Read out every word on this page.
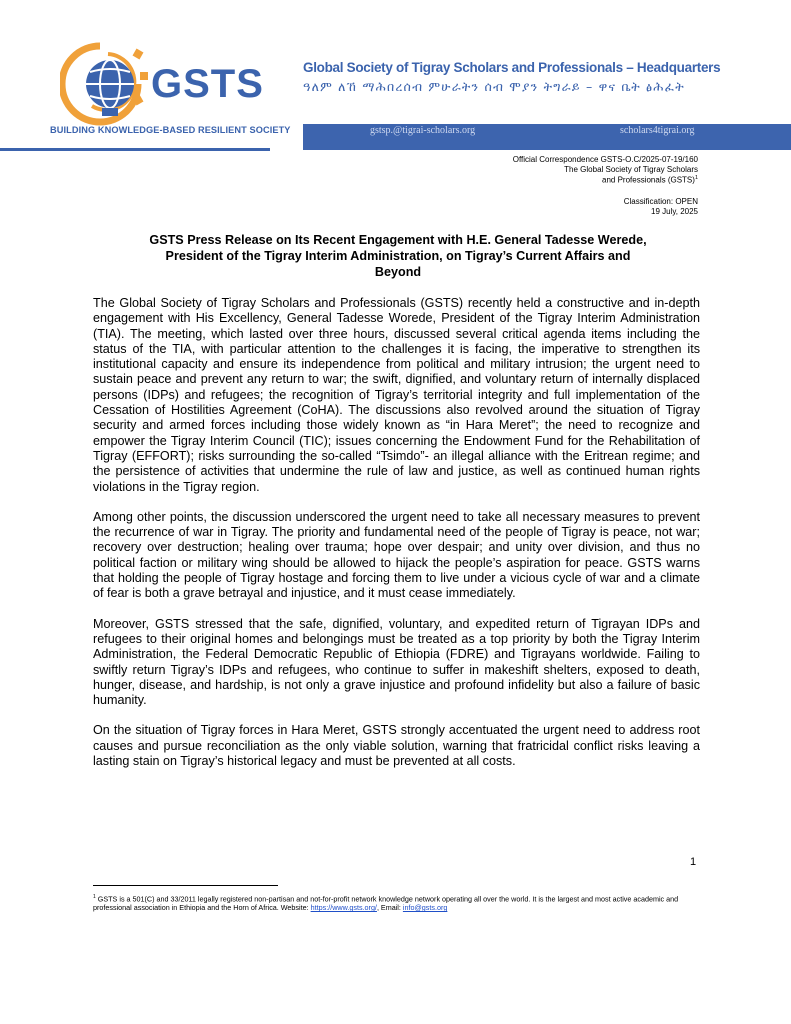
GSTS
BUILDING KNOWLEDGE-BASED RESILIENT SOCIETY
Global Society of Tigray Scholars and Professionals – Headquarters
ዓለም ለኸ ማሕበረሰብ ምሁራትን ሰብ ሞያን ትግራይ – ዋና ቤት ፅሕፈት
gstsp.@tigrai-scholars.org	scholars4tigrai.org
Official Correspondence GSTS-O.C/2025-07-19/160
The Global Society of Tigray Scholars
and Professionals (GSTS)$^1$
Classification: OPEN
19 July, 2025
GSTS Press Release on Its Recent Engagement with H.E. General Tadesse Werede,
President of the Tigray Interim Administration, on Tigray’s Current Affairs and
Beyond

The Global Society of Tigray Scholars and Professionals (GSTS) recently held a constructive and in-depth engagement with His Excellency, General Tadesse Worede, President of the Tigray Interim Administration (TIA). The meeting, which lasted over three hours, discussed several critical agenda items including the status of the TIA, with particular attention to the challenges it is facing, the imperative to strengthen its institutional capacity and ensure its independence from political and military intrusion; the urgent need to sustain peace and prevent any return to war; the swift, dignified, and voluntary return of internally displaced persons (IDPs) and refugees; the recognition of Tigray’s territorial integrity and full implementation of the Cessation of Hostilities Agreement (CoHA). The discussions also revolved around the situation of Tigray security and armed forces including those widely known as “in Hara Meret”; the need to recognize and empower the Tigray Interim Council (TIC); issues concerning the Endowment Fund for the Rehabilitation of Tigray (EFFORT); risks surrounding the so-called “Tsimdo”- an illegal alliance with the Eritrean regime; and the persistence of activities that undermine the rule of law and justice, as well as continued human rights violations in the Tigray region.

Among other points, the discussion underscored the urgent need to take all necessary measures to prevent the recurrence of war in Tigray. The priority and fundamental need of the people of Tigray is peace, not war; recovery over destruction; healing over trauma; hope over despair; and unity over division, and thus no political faction or military wing should be allowed to hijack the people’s aspiration for peace. GSTS warns that holding the people of Tigray hostage and forcing them to live under a vicious cycle of war and a climate of fear is both a grave betrayal and injustice, and it must cease immediately.

Moreover, GSTS stressed that the safe, dignified, voluntary, and expedited return of Tigrayan IDPs and refugees to their original homes and belongings must be treated as a top priority by both the Tigray Interim Administration, the Federal Democratic Republic of Ethiopia (FDRE) and Tigrayans worldwide. Failing to swiftly return Tigray’s IDPs and refugees, who continue to suffer in makeshift shelters, exposed to death, hunger, disease, and hardship, is not only a grave injustice and profound infidelity but also a failure of basic humanity.

On the situation of Tigray forces in Hara Meret, GSTS strongly accentuated the urgent need to address root causes and pursue reconciliation as the only viable solution, warning that fratricidal conflict risks leaving a lasting stain on Tigray’s historical legacy and must be prevented at all costs.

1
$^1$ GSTS is a 501(C) and 33/2011 legally registered non-partisan and not-for-profit network knowledge network operating all over the world. It is the largest and most active academic and professional association in Ethiopia and the Horn of Africa. Website: https://www.gsts.org/, Email: info@gsts.org
